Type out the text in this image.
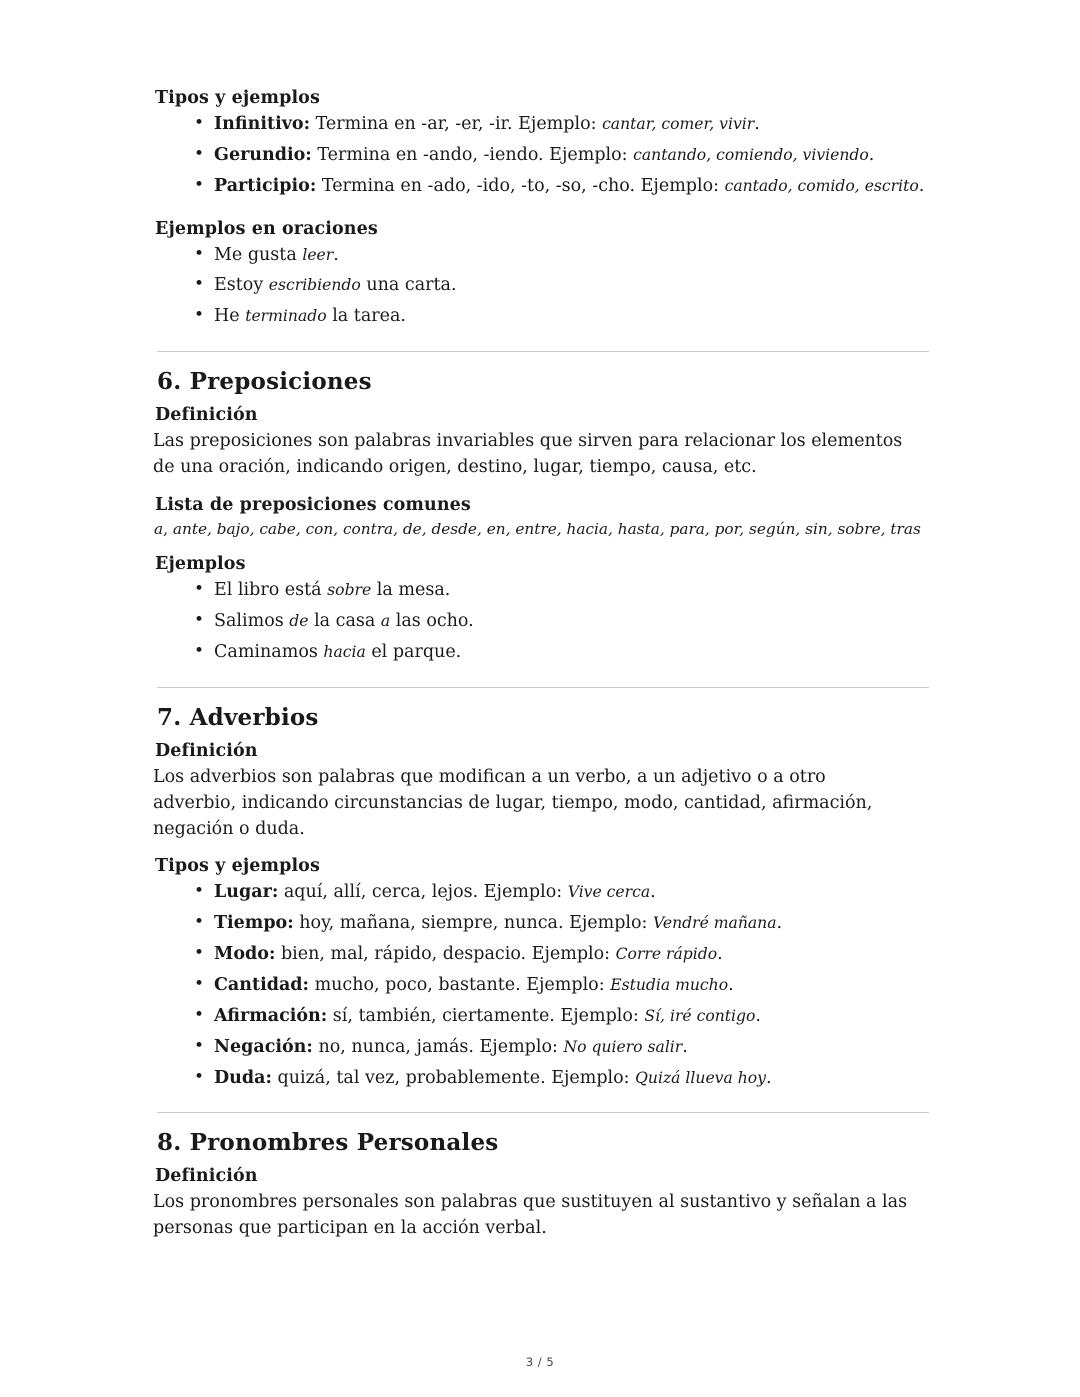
Tipos y ejemplos
• Infinitivo: Termina en -ar, -er, -ir. Ejemplo: cantar, comer, vivir.
• Gerundio: Termina en -ando, -iendo. Ejemplo: cantando, comiendo, viviendo.
• Participio: Termina en -ado, -ido, -to, -so, -cho. Ejemplo: cantado, comido, escrito.
Ejemplos en oraciones
• Me gusta leer.
• Estoy escribiendo una carta.
• He terminado la tarea.
6. Preposiciones
Definición

Las preposiciones son palabras invariables que sirven para relacionar los elementos de una oración, indicando origen, destino, lugar, tiempo, causa, etc.

Lista de preposiciones comunes

a, ante, bajo, cabe, con, contra, de, desde, en, entre, hacia, hasta, para, por, según, sin, sobre, tras

Ejemplos
• El libro está sobre la mesa.
• Salimos de la casa a las ocho.
• Caminamos hacia el parque.
7. Adverbios
Definición

Los adverbios son palabras que modifican a un verbo, a un adjetivo o a otro adverbio, indicando circunstancias de lugar, tiempo, modo, cantidad, afirmación, negación o duda.

Tipos y ejemplos
• Lugar: aquí, allí, cerca, lejos. Ejemplo: Vive cerca.
• Tiempo: hoy, mañana, siempre, nunca. Ejemplo: Vendré mañana.
• Modo: bien, mal, rápido, despacio. Ejemplo: Corre rápido.
• Cantidad: mucho, poco, bastante. Ejemplo: Estudia mucho.
• Afirmación: sí, también, ciertamente. Ejemplo: Sí, iré contigo.
• Negación: no, nunca, jamás. Ejemplo: No quiero salir.
• Duda: quizá, tal vez, probablemente. Ejemplo: Quizá llueva hoy.
8. Pronombres Personales
Definición

Los pronombres personales son palabras que sustituyen al sustantivo y señalan a las personas que participan en la acción verbal.

3 / 5
